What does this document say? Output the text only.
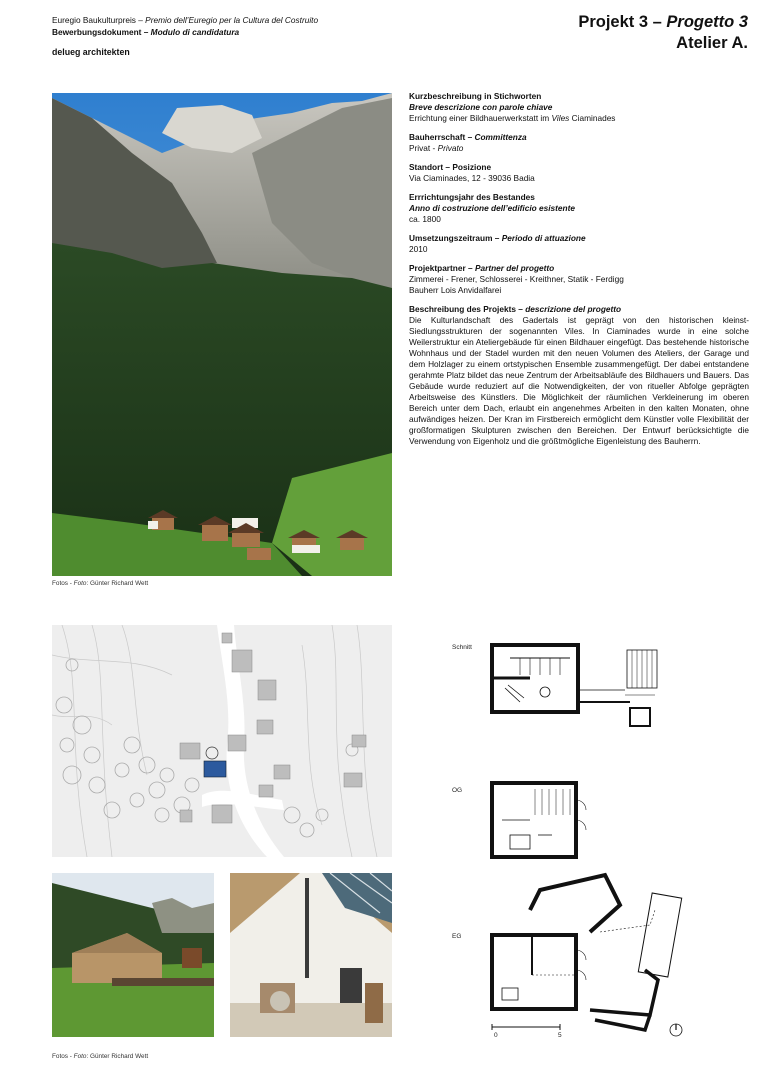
Euregio Baukulturpreis – Premio dell’Euregio per la Cultura del Costruito
Bewerbungsdokument – Modulo di candidatura
delueg architekten
Projekt 3 – Progetto 3
Atelier A.
Fotos - Foto: Günter Richard Wett
Kurzbeschreibung in Stichworten
Breve descrizione con parole chiave
Errichtung einer Bildhauerwerkstatt im Viles Ciaminades
Bauherrschaft – Committenza
Privat - Privato
Standort – Posizione
Via Ciaminades, 12 - 39036 Badia
Errrichtungsjahr des Bestandes
Anno di costruzione dell’edificio esistente
ca. 1800
Umsetzungszeitraum – Periodo di attuazione
2010
Projektpartner – Partner del progetto
Zimmerei - Frener, Schlosserei - Kreithner, Statik - Ferdigg
Bauherr Lois Anvidalfarei
Beschreibung des Projekts – descrizione del progetto
Die Kulturlandschaft des Gadertals ist geprägt von den historischen kleinst-Siedlungsstrukturen der sogenannten Viles. In Ciaminades wurde in eine solche Weilerstruktur ein Ateliergebäude für einen Bildhauer eingefügt. Das bestehende historische Wohnhaus und der Stadel wurden mit den neuen Volumen des Ateliers, der Garage und dem Holzlager zu einem ortstypischen Ensemble zusammengefügt. Der dabei entstandene gerahmte Platz bildet das neue Zentrum der Arbeitsabläufe des Bildhauers und Bauers. Das Gebäude wurde reduziert auf die Notwendigkeiten, der von ritueller Abfolge geprägten Arbeitsweise des Künstlers. Die Möglichkeit der räumlichen Verkleinerung im oberen Bereich unter dem Dach, erlaubt ein angenehmes Arbeiten in den kalten Monaten, ohne aufwändiges heizen. Der Kran im Firstbereich ermöglicht dem Künstler volle Flexibilität der großformatigen Skulpturen zwischen den Bereichen. Der Entwurf berücksichtigte die Verwendung von Eigenholz und die größtmögliche Eigenleistung des Bauherrn.
Fotos - Foto: Günter Richard Wett
Schnitt
OG
EG
0	5
